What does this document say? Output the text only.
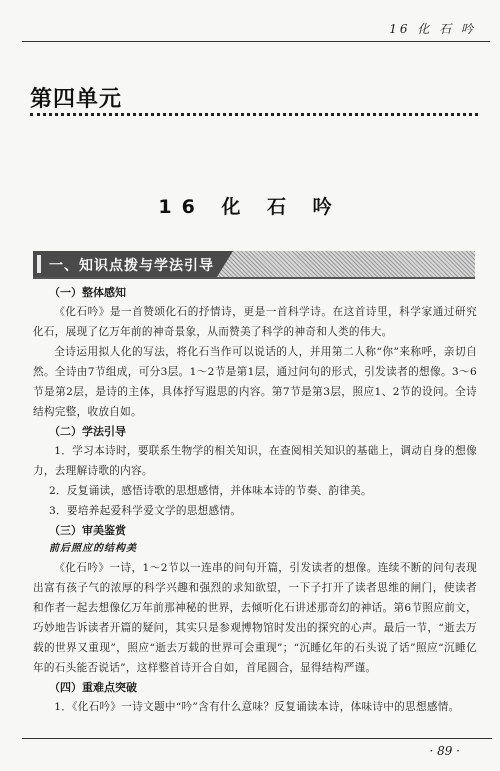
16 化 石 吟
第四单元
16 化 石 吟
一、知识点拨与学法引导

（一）整体感知

《化石吟》是一首赞颂化石的抒情诗，更是一首科学诗。在这首诗里，科学家通过研究化石，展现了亿万年前的神奇景象，从而赞美了科学的神奇和人类的伟大。

全诗运用拟人化的写法，将化石当作可以说话的人，并用第二人称“你”来称呼，亲切自然。全诗由7节组成，可分3层。1～2节是第1层，通过问句的形式，引发读者的想像。3～6节是第2层，是诗的主体，具体抒写遐思的内容。第7节是第3层，照应1、2节的设问。全诗结构完整，收放自如。

（二）学法引导

1．学习本诗时，要联系生物学的相关知识，在查阅相关知识的基础上，调动自身的想像力，去理解诗歌的内容。

2．反复诵读，感悟诗歌的思想感情，并体味本诗的节奏、韵律美。

3．要培养起爱科学爱文学的思想感情。

（三）审美鉴赏

前后照应的结构美

《化石吟》一诗，1～2节以一连串的问句开篇，引发读者的想像。连续不断的问句表现出富有孩子气的浓厚的科学兴趣和强烈的求知欲望，一下子打开了读者思维的闸门，使读者和作者一起去想像亿万年前那神秘的世界，去倾听化石讲述那奇幻的神话。第6节照应前文，巧妙地告诉读者开篇的疑问，其实只是参观博物馆时发出的探究的心声。最后一节，“逝去万载的世界又重现”，照应“逝去万载的世界可会重现”；“沉睡亿年的石头说了话”照应“沉睡亿年的石头能否说话”，这样整首诗开合自如，首尾圆合，显得结构严谨。

（四）重难点突破

1．《化石吟》一诗文题中“吟”含有什么意味？反复诵读本诗，体味诗中的思想感情。

· 89 ·
